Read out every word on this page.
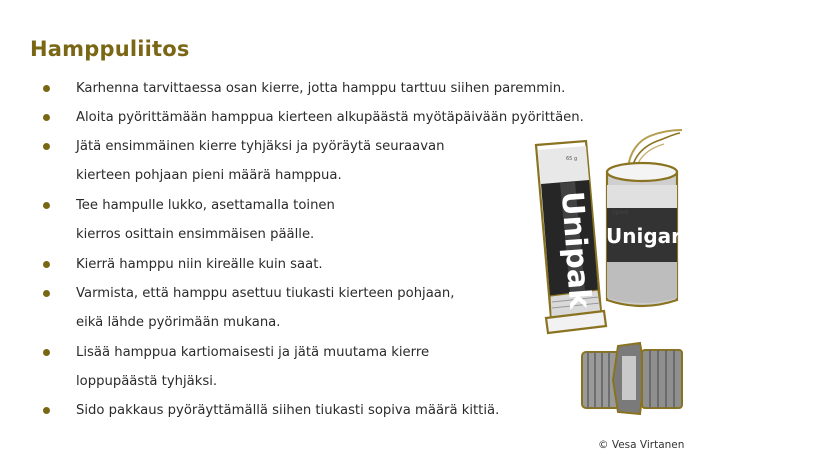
Hamppuliitos
Karhenna tarvittaessa osan kierre, jotta hamppu tarttuu siihen paremmin.
Aloita pyörittämään hamppua kierteen alkupäästä myötäpäivään pyörittäen.
Jätä ensimmäinen kierre tyhjäksi ja pyöräytä seuraavan
kierteen pohjaan pieni määrä hamppua.
Tee hampulle lukko, asettamalla toinen
kierros osittain ensimmäisen päälle.
Kierrä hamppu niin kireälle kuin saat.
Varmista, että hamppu asettuu tiukasti kierteen pohjaan,
eikä lähde pyörimään mukana.
Lisää hamppua kartiomaisesti ja jätä muutama kierre
loppupäästä tyhjäksi.
Sido pakkaus pyöräyttämällä siihen tiukasti sopiva määrä kittiä.
65 g
Unipak Spool
Unigarn
© Vesa Virtanen
